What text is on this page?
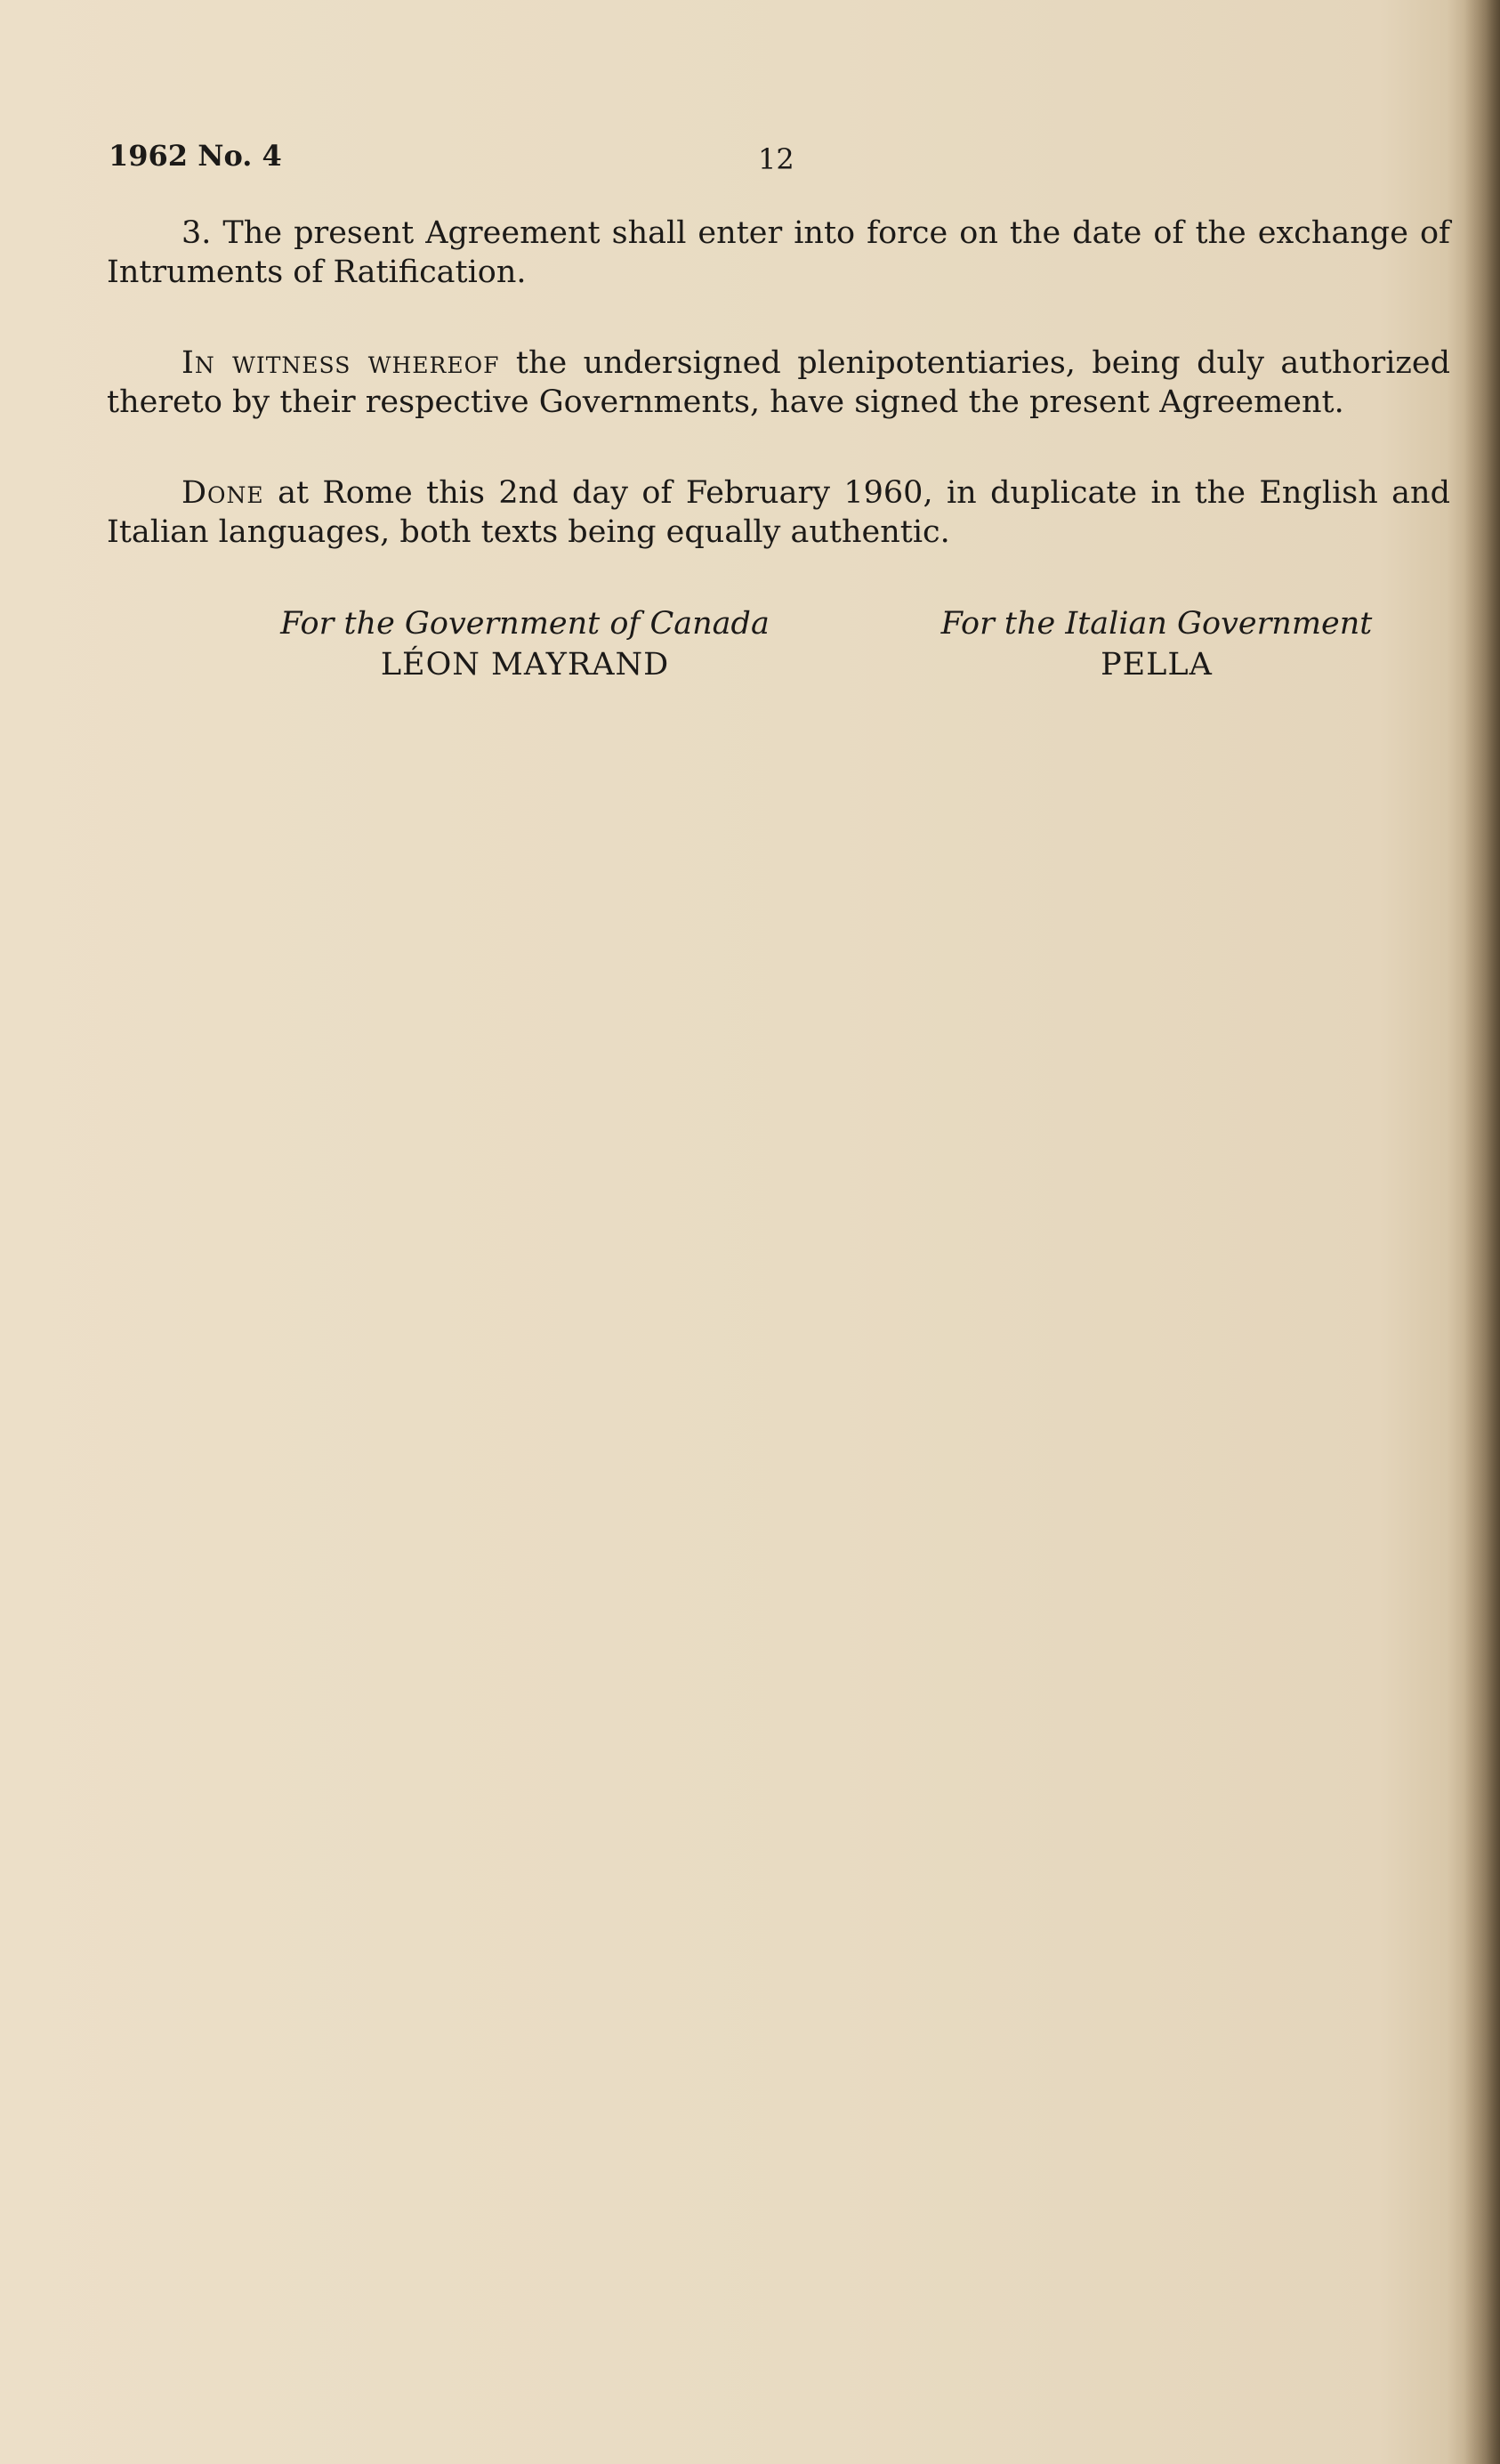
1962 No. 4	12

3. The present Agreement shall enter into force on the date of the exchange of Intruments of Ratification.

In witness whereof the undersigned plenipotentiaries, being duly authorized thereto by their respective Governments, have signed the present Agreement.

Done at Rome this 2nd day of February 1960, in duplicate in the English and Italian languages, both texts being equally authentic.

For the Government of Canada
LÉON MAYRAND
For the Italian Government
PELLA
